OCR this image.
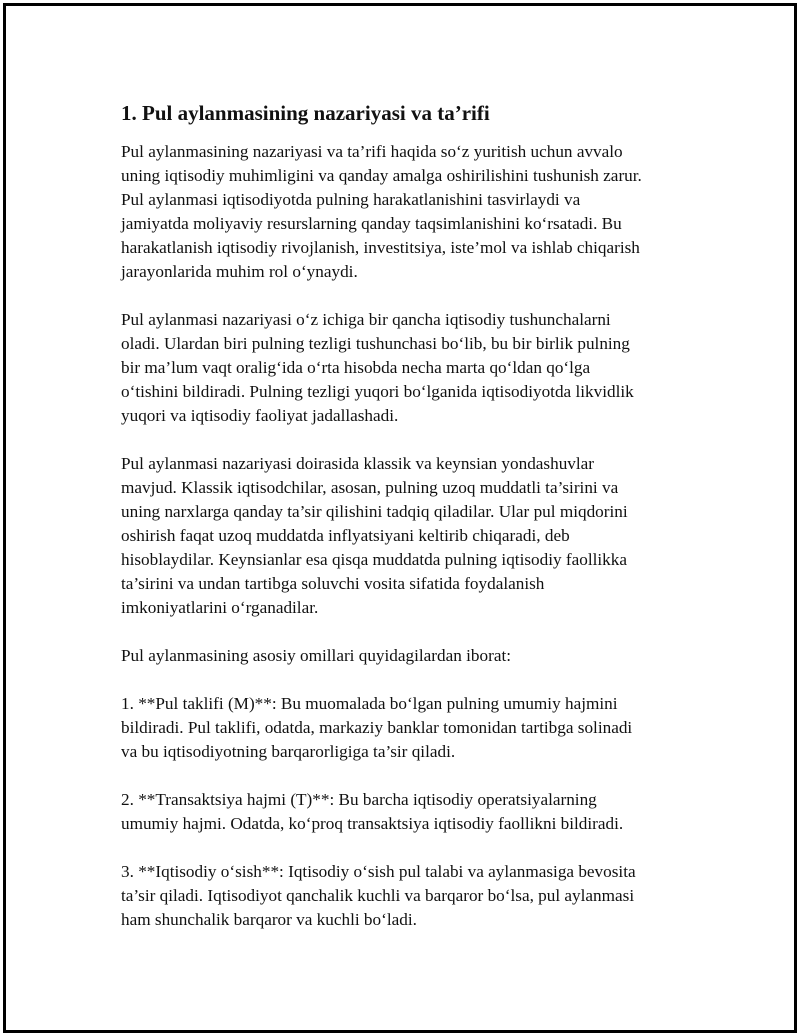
1. Pul aylanmasining nazariyasi va ta’rifi
Pul aylanmasining nazariyasi va ta’rifi haqida so‘z yuritish uchun avvalo
uning iqtisodiy muhimligini va qanday amalga oshirilishini tushunish zarur.
Pul aylanmasi iqtisodiyotda pulning harakatlanishini tasvirlaydi va
jamiyatda moliyaviy resurslarning qanday taqsimlanishini ko‘rsatadi. Bu
harakatlanish iqtisodiy rivojlanish, investitsiya, iste’mol va ishlab chiqarish
jarayonlarida muhim rol o‘ynaydi.
Pul aylanmasi nazariyasi o‘z ichiga bir qancha iqtisodiy tushunchalarni
oladi. Ulardan biri pulning tezligi tushunchasi bo‘lib, bu bir birlik pulning
bir ma’lum vaqt oralig‘ida o‘rta hisobda necha marta qo‘ldan qo‘lga
o‘tishini bildiradi. Pulning tezligi yuqori bo‘lganida iqtisodiyotda likvidlik
yuqori va iqtisodiy faoliyat jadallashadi.
Pul aylanmasi nazariyasi doirasida klassik va keynsian yondashuvlar
mavjud. Klassik iqtisodchilar, asosan, pulning uzoq muddatli ta’sirini va
uning narxlarga qanday ta’sir qilishini tadqiq qiladilar. Ular pul miqdorini
oshirish faqat uzoq muddatda inflyatsiyani keltirib chiqaradi, deb
hisoblaydilar. Keynsianlar esa qisqa muddatda pulning iqtisodiy faollikka
ta’sirini va undan tartibga soluvchi vosita sifatida foydalanish
imkoniyatlarini o‘rganadilar.
Pul aylanmasining asosiy omillari quyidagilardan iborat:
1. **Pul taklifi (M)**: Bu muomalada bo‘lgan pulning umumiy hajmini
bildiradi. Pul taklifi, odatda, markaziy banklar tomonidan tartibga solinadi
va bu iqtisodiyotning barqarorligiga ta’sir qiladi.
2. **Transaktsiya hajmi (T)**: Bu barcha iqtisodiy operatsiyalarning
umumiy hajmi. Odatda, ko‘proq transaktsiya iqtisodiy faollikni bildiradi.
3. **Iqtisodiy o‘sish**: Iqtisodiy o‘sish pul talabi va aylanmasiga bevosita
ta’sir qiladi. Iqtisodiyot qanchalik kuchli va barqaror bo‘lsa, pul aylanmasi
ham shunchalik barqaror va kuchli bo‘ladi.
